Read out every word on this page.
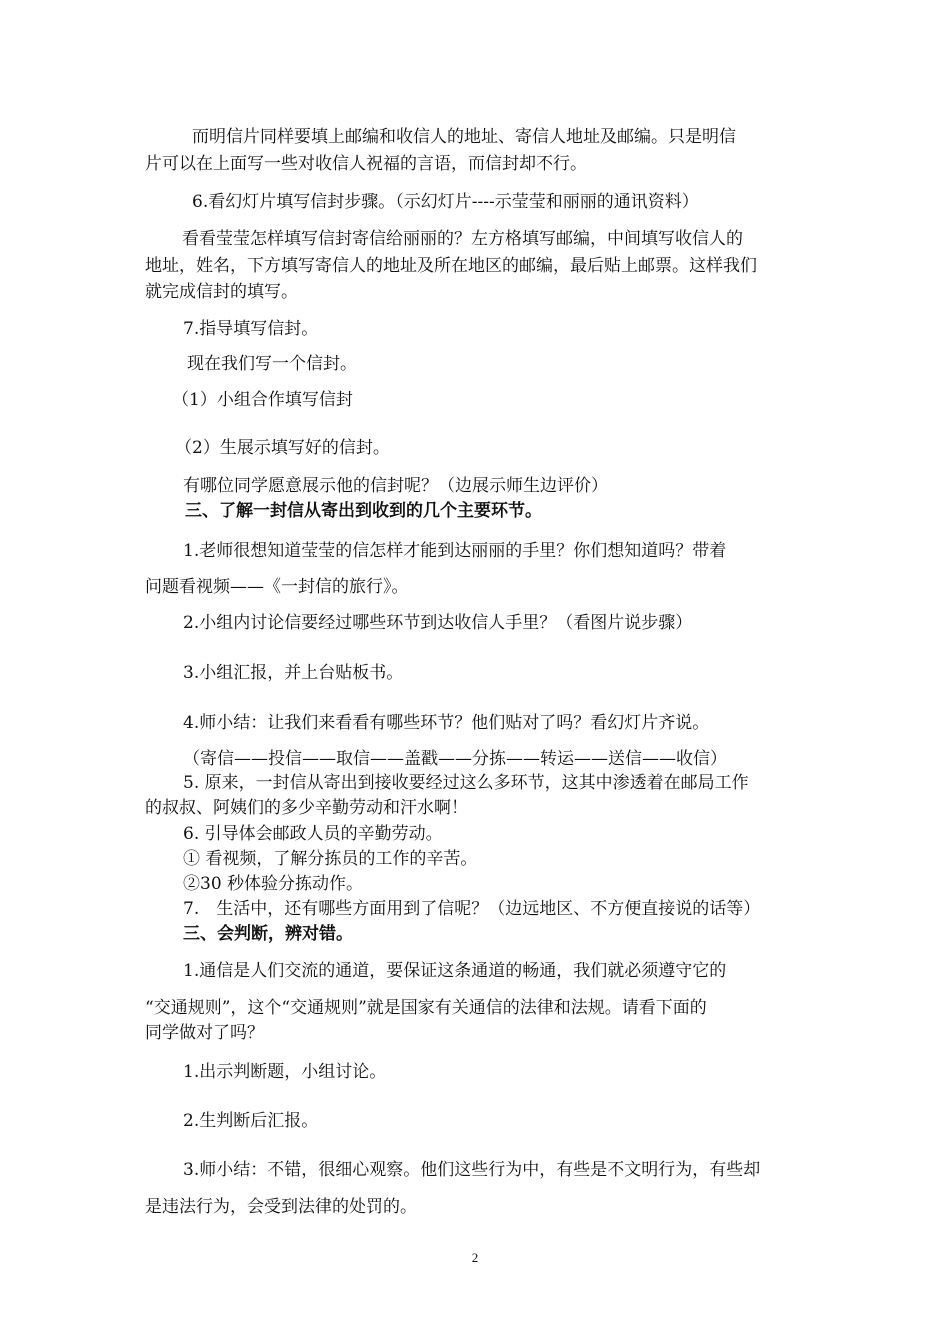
而明信片同样要填上邮编和收信人的地址、寄信人地址及邮编。只是明信

片可以在上面写一些对收信人祝福的言语，而信封却不行。

6.看幻灯片填写信封步骤。（示幻灯片----示莹莹和丽丽的通讯资料）

看看莹莹怎样填写信封寄信给丽丽的？左方格填写邮编，中间填写收信人的

地址，姓名，下方填写寄信人的地址及所在地区的邮编，最后贴上邮票。这样我们

就完成信封的填写。

7.指导填写信封。

现在我们写一个信封。

（1）小组合作填写信封

（2）生展示填写好的信封。

有哪位同学愿意展示他的信封呢？（边展示师生边评价）

三、了解一封信从寄出到收到的几个主要环节。

1.老师很想知道莹莹的信怎样才能到达丽丽的手里？你们想知道吗？带着

问题看视频——《一封信的旅行》。

2.小组内讨论信要经过哪些环节到达收信人手里？（看图片说步骤）

3.小组汇报，并上台贴板书。

4.师小结：让我们来看看有哪些环节？他们贴对了吗？看幻灯片齐说。

（寄信——投信——取信——盖戳——分拣——转运——送信——收信）

5. 原来，一封信从寄出到接收要经过这么多环节，这其中渗透着在邮局工作

的叔叔、阿姨们的多少辛勤劳动和汗水啊！

6. 引导体会邮政人员的辛勤劳动。

① 看视频，了解分拣员的工作的辛苦。

②30 秒体验分拣动作。

7.　生活中，还有哪些方面用到了信呢？（边远地区、不方便直接说的话等）

三、会判断，辨对错。

1.通信是人们交流的通道，要保证这条通道的畅通，我们就必须遵守它的

“交通规则”，这个“交通规则”就是国家有关通信的法律和法规。请看下面的

同学做对了吗？

1.出示判断题，小组讨论。

2.生判断后汇报。

3.师小结：不错，很细心观察。他们这些行为中，有些是不文明行为，有些却

是违法行为，会受到法律的处罚的。

2
